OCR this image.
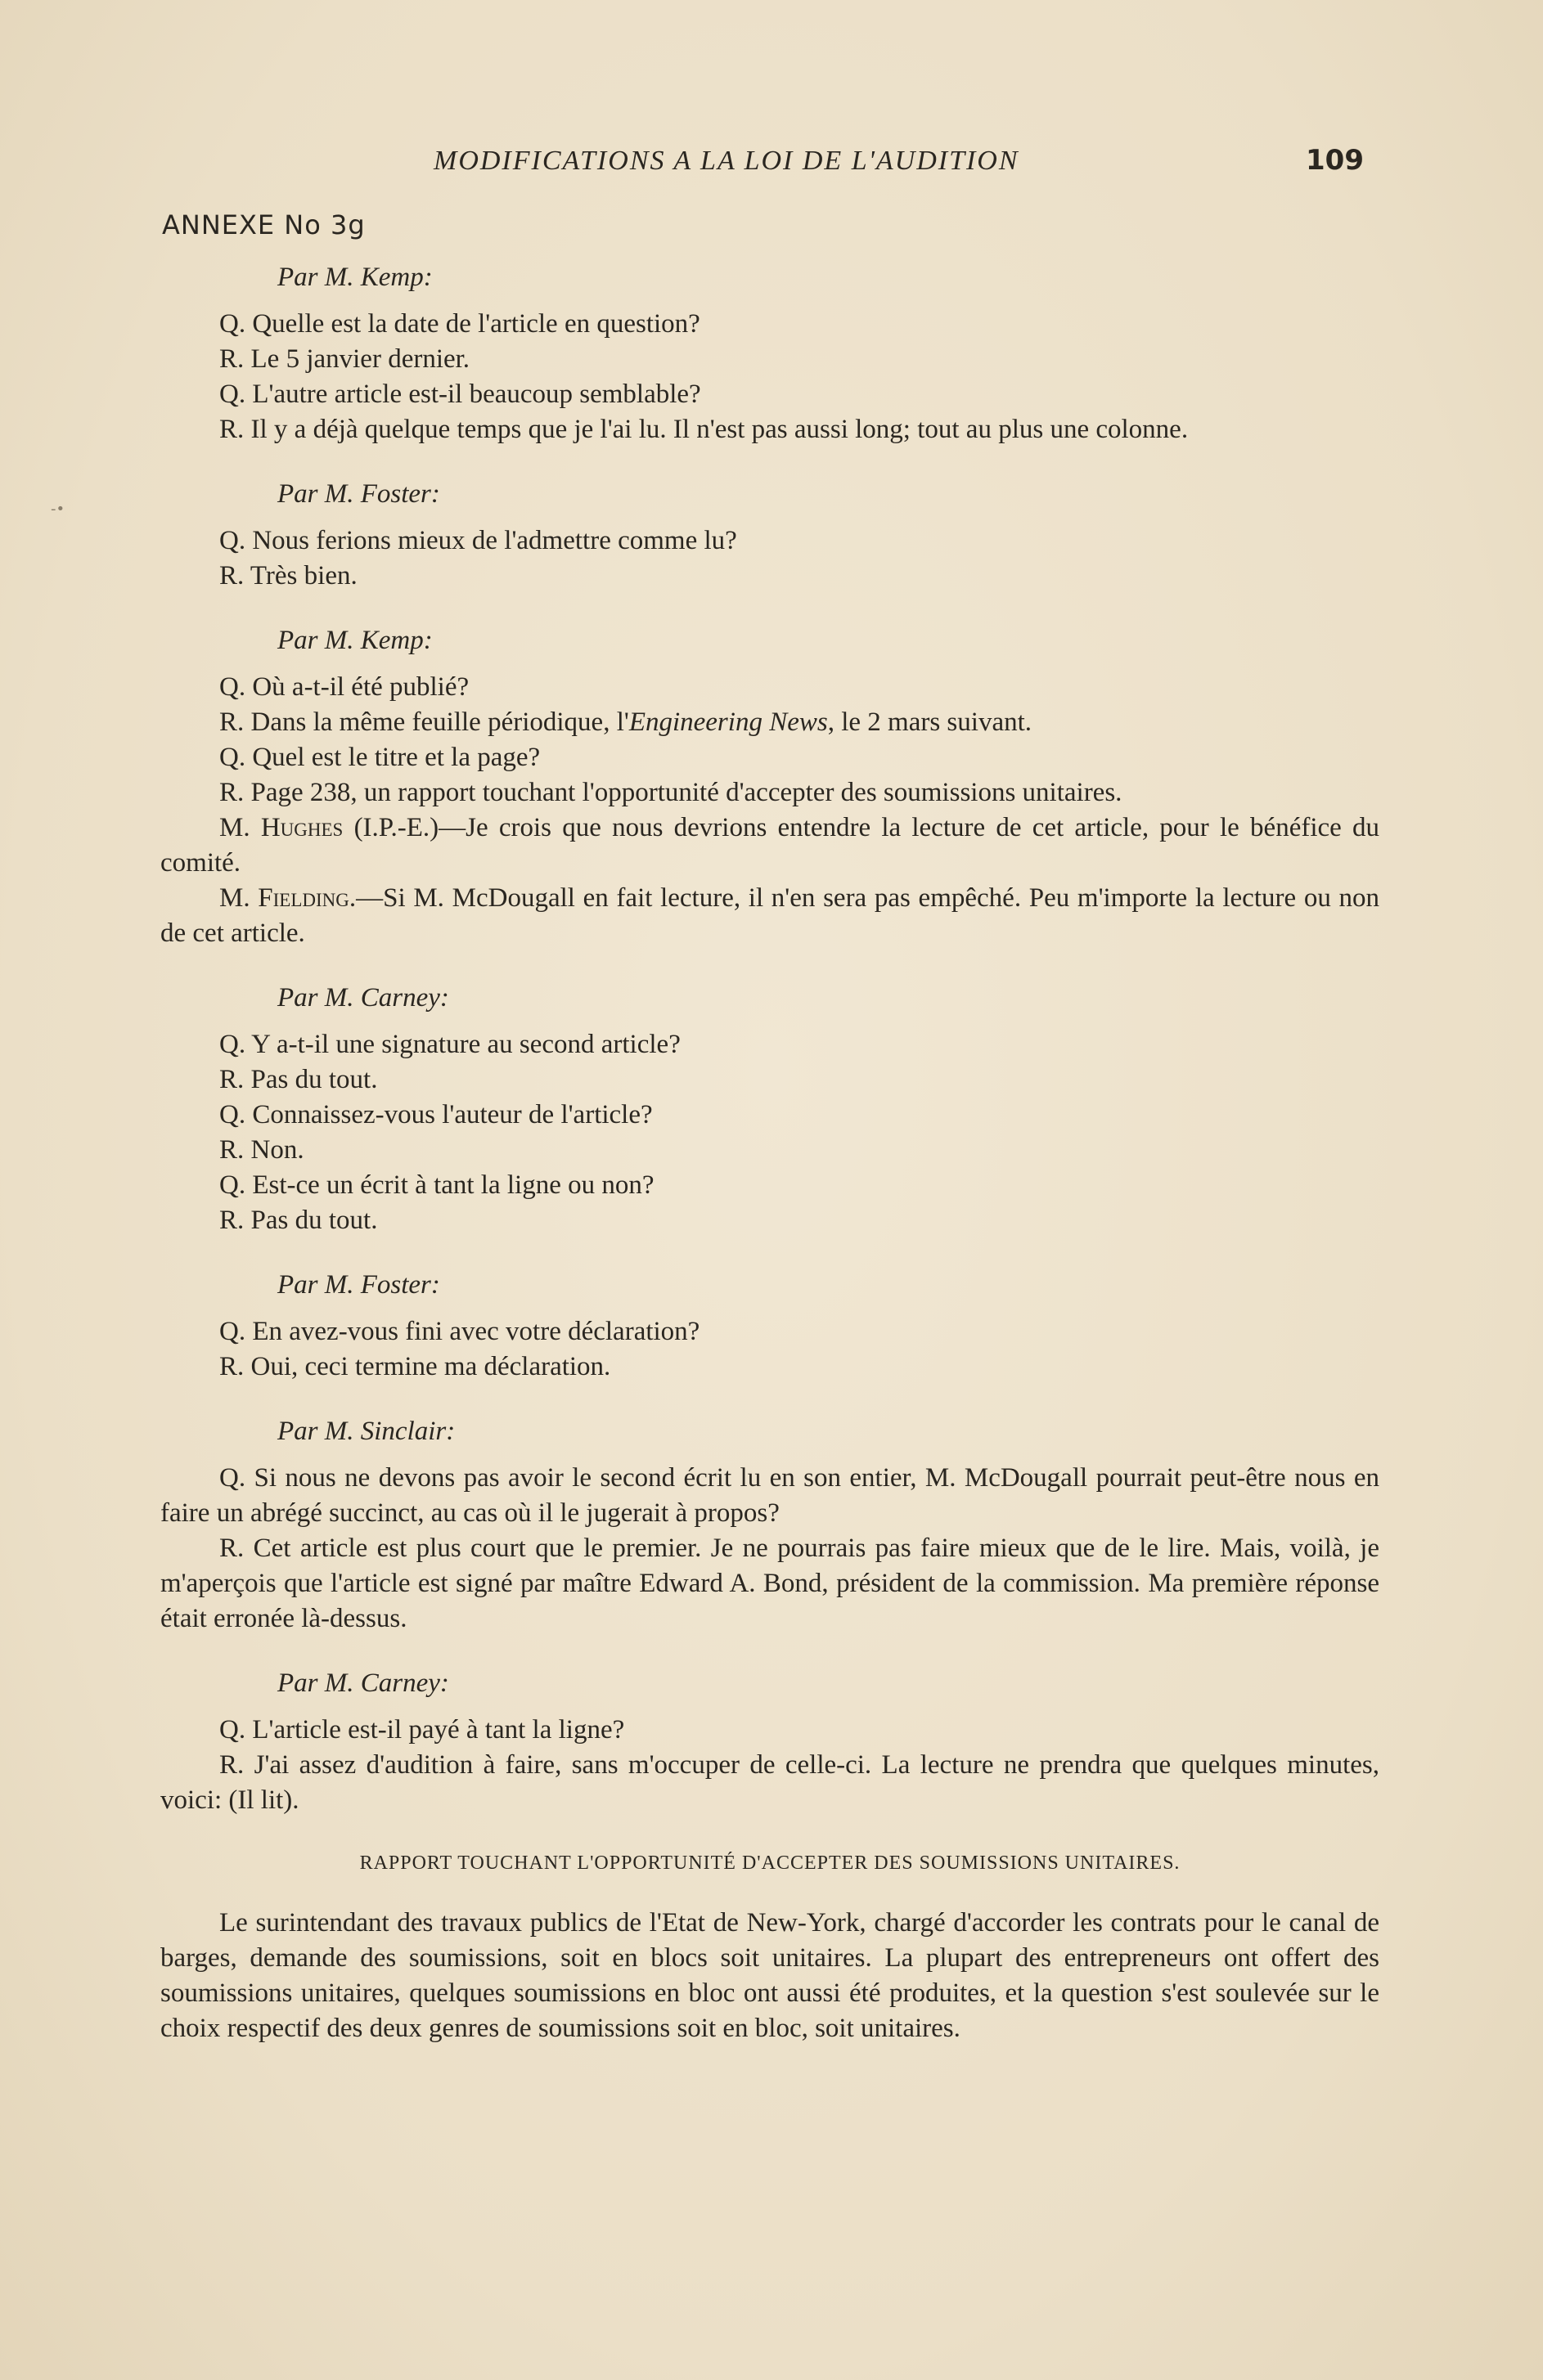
MODIFICATIONS A LA LOI DE L'AUDITION	109
ANNEXE No 3g
Par M. Kemp:

Q. Quelle est la date de l'article en question?

R. Le 5 janvier dernier.

Q. L'autre article est-il beaucoup semblable?

R. Il y a déjà quelque temps que je l'ai lu. Il n'est pas aussi long; tout au plus une colonne.

Par M. Foster:

Q. Nous ferions mieux de l'admettre comme lu?

R. Très bien.

Par M. Kemp:

Q. Où a-t-il été publié?

R. Dans la même feuille périodique, l'Engineering News, le 2 mars suivant.

Q. Quel est le titre et la page?

R. Page 238, un rapport touchant l'opportunité d'accepter des soumissions unitaires.

M. Hughes (I.P.-E.)—Je crois que nous devrions entendre la lecture de cet article, pour le bénéfice du comité.

M. Fielding.—Si M. McDougall en fait lecture, il n'en sera pas empêché. Peu m'importe la lecture ou non de cet article.

Par M. Carney:

Q. Y a-t-il une signature au second article?

R. Pas du tout.

Q. Connaissez-vous l'auteur de l'article?

R. Non.

Q. Est-ce un écrit à tant la ligne ou non?

R. Pas du tout.

Par M. Foster:

Q. En avez-vous fini avec votre déclaration?

R. Oui, ceci termine ma déclaration.

Par M. Sinclair:

Q. Si nous ne devons pas avoir le second écrit lu en son entier, M. McDougall pourrait peut-être nous en faire un abrégé succinct, au cas où il le jugerait à propos?

R. Cet article est plus court que le premier. Je ne pourrais pas faire mieux que de le lire. Mais, voilà, je m'aperçois que l'article est signé par maître Edward A. Bond, président de la commission. Ma première réponse était erronée là-dessus.

Par M. Carney:

Q. L'article est-il payé à tant la ligne?

R. J'ai assez d'audition à faire, sans m'occuper de celle-ci. La lecture ne prendra que quelques minutes, voici: (Il lit).

RAPPORT TOUCHANT L'OPPORTUNITÉ D'ACCEPTER DES SOUMISSIONS UNITAIRES.

Le surintendant des travaux publics de l'Etat de New-York, chargé d'accorder les contrats pour le canal de barges, demande des soumissions, soit en blocs soit unitaires. La plupart des entrepreneurs ont offert des soumissions unitaires, quelques soumissions en bloc ont aussi été produites, et la question s'est soulevée sur le choix respectif des deux genres de soumissions soit en bloc, soit unitaires.

-•
